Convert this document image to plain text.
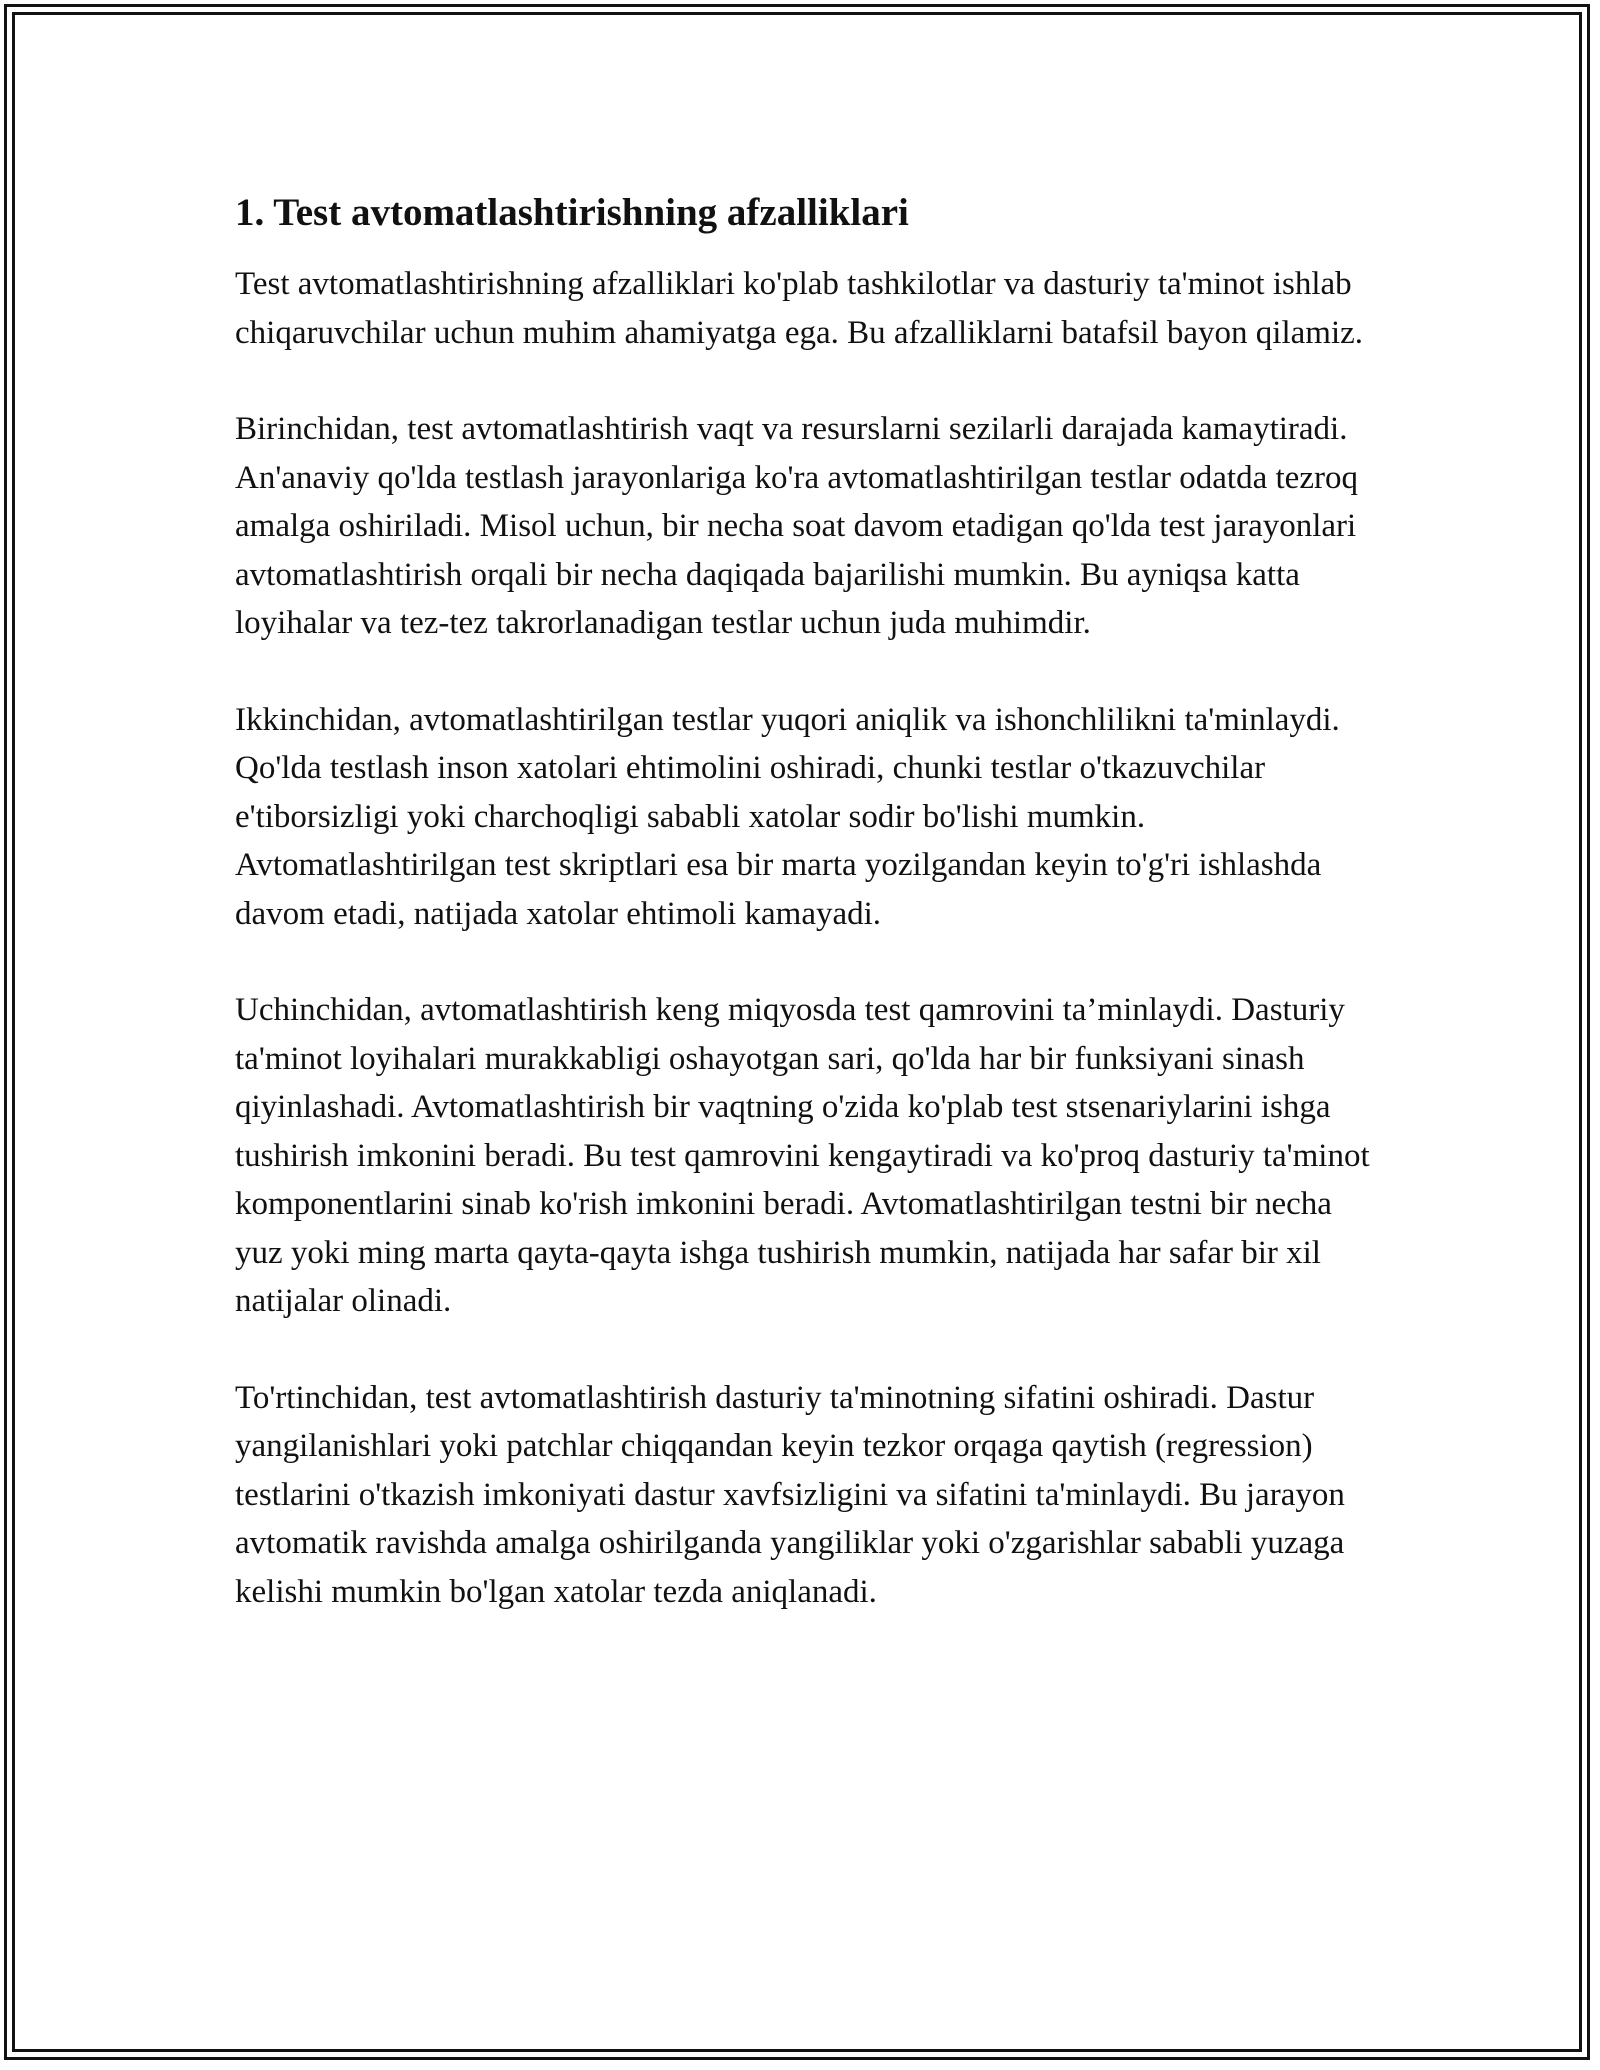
1. Test avtomatlashtirishning afzalliklari

Test avtomatlashtirishning afzalliklari ko'plab tashkilotlar va dasturiy ta'minot ishlab chiqaruvchilar uchun muhim ahamiyatga ega. Bu afzalliklarni batafsil bayon qilamiz.

Birinchidan, test avtomatlashtirish vaqt va resurslarni sezilarli darajada kamaytiradi. An'anaviy qo'lda testlash jarayonlariga ko'ra avtomatlashtirilgan testlar odatda tezroq amalga oshiriladi. Misol uchun, bir necha soat davom etadigan qo'lda test jarayonlari avtomatlashtirish orqali bir necha daqiqada bajarilishi mumkin. Bu ayniqsa katta loyihalar va tez-tez takrorlanadigan testlar uchun juda muhimdir.

Ikkinchidan, avtomatlashtirilgan testlar yuqori aniqlik va ishonchlilikni ta'minlaydi. Qo'lda testlash inson xatolari ehtimolini oshiradi, chunki testlar o'tkazuvchilar e'tiborsizligi yoki charchoqligi sababli xatolar sodir bo'lishi mumkin. Avtomatlashtirilgan test skriptlari esa bir marta yozilgandan keyin to'g'ri ishlashda davom etadi, natijada xatolar ehtimoli kamayadi.

Uchinchidan, avtomatlashtirish keng miqyosda test qamrovini ta’minlaydi. Dasturiy ta'minot loyihalari murakkabligi oshayotgan sari, qo'lda har bir funksiyani sinash qiyinlashadi. Avtomatlashtirish bir vaqtning o'zida ko'plab test stsenariylarini ishga tushirish imkonini beradi. Bu test qamrovini kengaytiradi va ko'proq dasturiy ta'minot komponentlarini sinab ko'rish imkonini beradi. Avtomatlashtirilgan testni bir necha yuz yoki ming marta qayta-qayta ishga tushirish mumkin, natijada har safar bir xil natijalar olinadi.

To'rtinchidan, test avtomatlashtirish dasturiy ta'minotning sifatini oshiradi. Dastur yangilanishlari yoki patchlar chiqqandan keyin tezkor orqaga qaytish (regression) testlarini o'tkazish imkoniyati dastur xavfsizligini va sifatini ta'minlaydi. Bu jarayon avtomatik ravishda amalga oshirilganda yangiliklar yoki o'zgarishlar sababli yuzaga kelishi mumkin bo'lgan xatolar tezda aniqlanadi.
